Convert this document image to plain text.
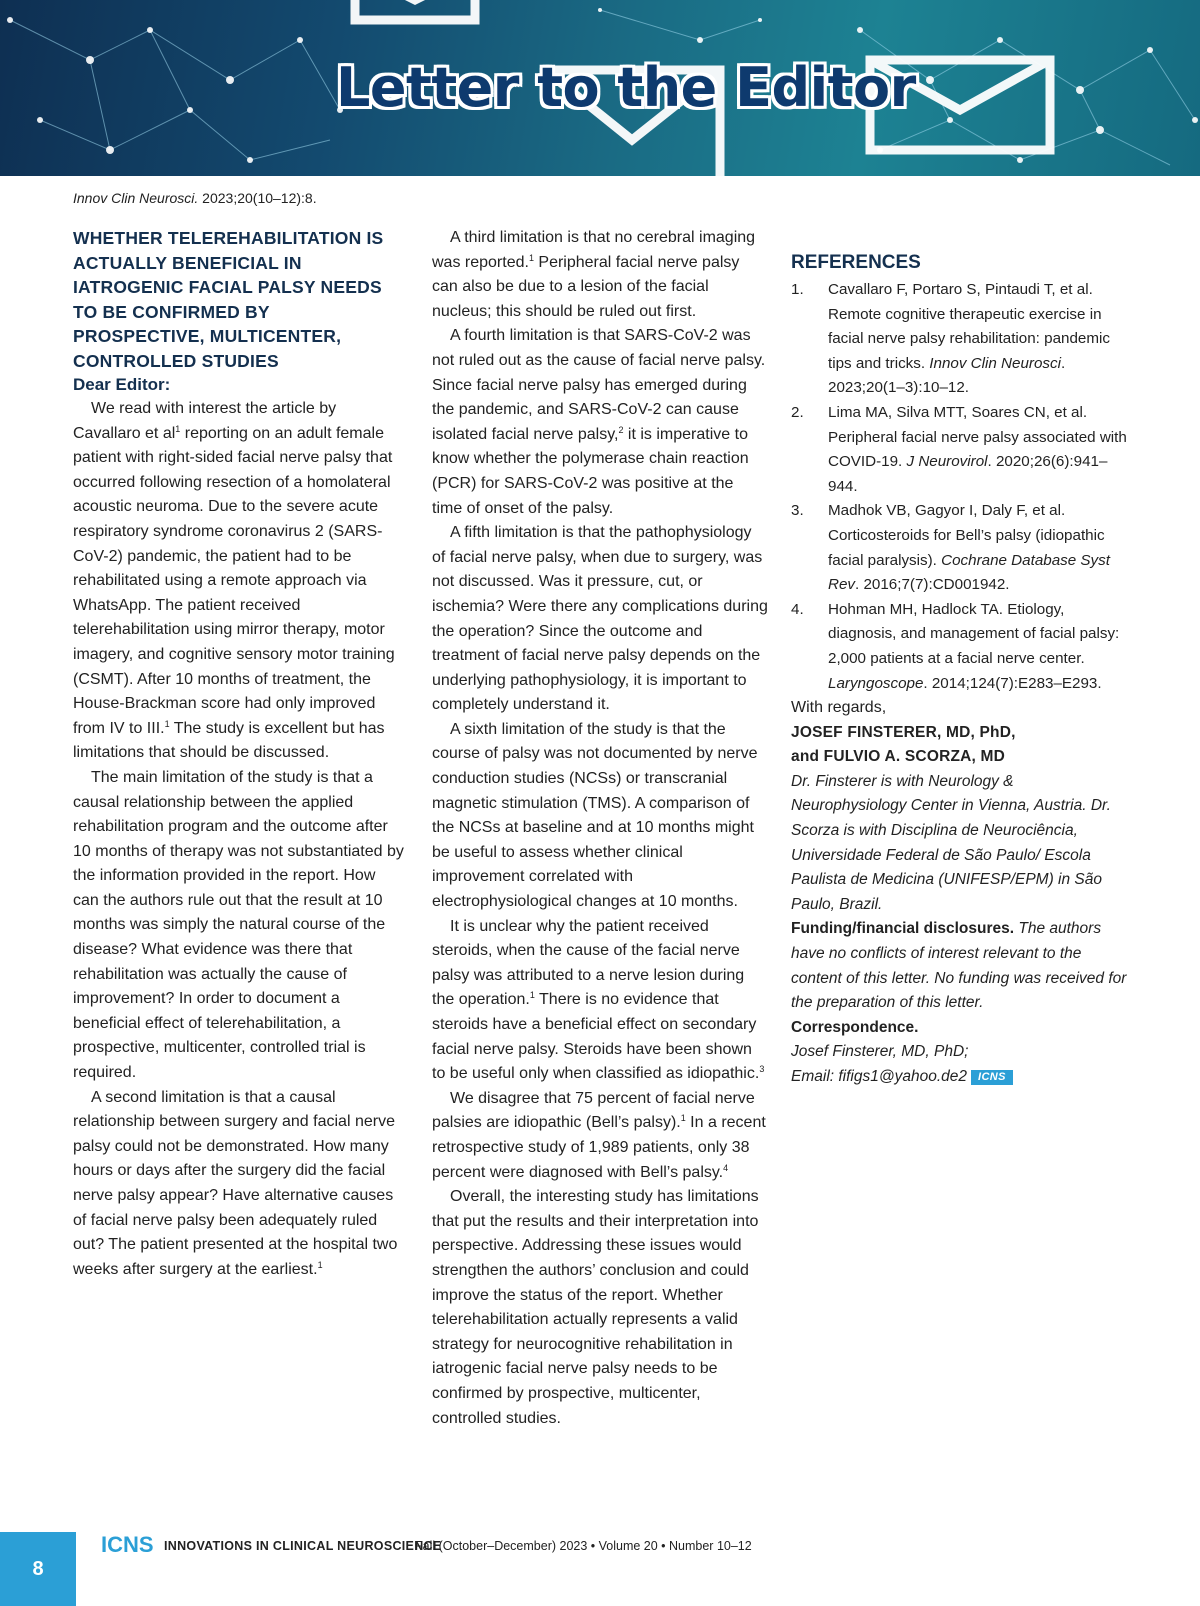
Letter to the Editor
Innov Clin Neurosci. 2023;20(10–12):8.

WHETHER TELEREHABILITATION IS ACTUALLY BENEFICIAL IN IATROGENIC FACIAL PALSY NEEDS TO BE CONFIRMED BY PROSPECTIVE, MULTICENTER, CONTROLLED STUDIES

Dear Editor:

We read with interest the article by Cavallaro et $al^1$ reporting on an adult female patient with right-sided facial nerve palsy that occurred following resection of a homolateral acoustic neuroma. Due to the severe acute respiratory syndrome coronavirus 2 (SARS-CoV-2) pandemic, the patient had to be rehabilitated using a remote approach via WhatsApp. The patient received telerehabilitation using mirror therapy, motor imagery, and cognitive sensory motor training (CSMT). After 10 months of treatment, the House-Brackman score had only improved from IV to III.$^1$ The study is excellent but has limitations that should be discussed.

The main limitation of the study is that a causal relationship between the applied rehabilitation program and the outcome after 10 months of therapy was not substantiated by the information provided in the report. How can the authors rule out that the result at 10 months was simply the natural course of the disease? What evidence was there that rehabilitation was actually the cause of improvement? In order to document a beneficial effect of telerehabilitation, a prospective, multicenter, controlled trial is required.

A second limitation is that a causal relationship between surgery and facial nerve palsy could not be demonstrated. How many hours or days after the surgery did the facial nerve palsy appear? Have alternative causes of facial nerve palsy been adequately ruled out? The patient presented at the hospital two weeks after surgery at the earliest.$^1$

A third limitation is that no cerebral imaging was reported.$^1$ Peripheral facial nerve palsy can also be due to a lesion of the facial nucleus; this should be ruled out first.

A fourth limitation is that SARS-CoV-2 was not ruled out as the cause of facial nerve palsy. Since facial nerve palsy has emerged during the pandemic, and SARS-CoV-2 can cause isolated facial nerve palsy,$^2$ it is imperative to know whether the polymerase chain reaction (PCR) for SARS-CoV-2 was positive at the time of onset of the palsy.

A fifth limitation is that the pathophysiology of facial nerve palsy, when due to surgery, was not discussed. Was it pressure, cut, or ischemia? Were there any complications during the operation? Since the outcome and treatment of facial nerve palsy depends on the underlying pathophysiology, it is important to completely understand it.

A sixth limitation of the study is that the course of palsy was not documented by nerve conduction studies (NCSs) or transcranial magnetic stimulation (TMS). A comparison of the NCSs at baseline and at 10 months might be useful to assess whether clinical improvement correlated with electrophysiological changes at 10 months.

It is unclear why the patient received steroids, when the cause of the facial nerve palsy was attributed to a nerve lesion during the operation.$^1$ There is no evidence that steroids have a beneficial effect on secondary facial nerve palsy. Steroids have been shown to be useful only when classified as idiopathic.$^3$

We disagree that 75 percent of facial nerve palsies are idiopathic (Bell’s palsy).$^1$ In a recent retrospective study of 1,989 patients, only 38 percent were diagnosed with Bell’s palsy.$^4$

Overall, the interesting study has limitations that put the results and their interpretation into perspective. Addressing these issues would strengthen the authors’ conclusion and could improve the status of the report. Whether telerehabilitation actually represents a valid strategy for neurocognitive rehabilitation in iatrogenic facial nerve palsy needs to be confirmed by prospective, multicenter, controlled studies.

REFERENCES

1. Cavallaro F, Portaro S, Pintaudi T, et al. Remote cognitive therapeutic exercise in facial nerve palsy rehabilitation: pandemic tips and tricks. Innov Clin Neurosci. 2023;20(1–3):10–12.

2. Lima MA, Silva MTT, Soares CN, et al. Peripheral facial nerve palsy associated with COVID-19. J Neurovirol. 2020;26(6):941–944.

3. Madhok VB, Gagyor I, Daly F, et al. Corticosteroids for Bell’s palsy (idiopathic facial paralysis). Cochrane Database Syst Rev. 2016;7(7):CD001942.

4. Hohman MH, Hadlock TA. Etiology, diagnosis, and management of facial palsy: 2,000 patients at a facial nerve center. Laryngoscope. 2014;124(7):E283–E293.

With regards,

JOSEF FINSTERER, MD, PhD,

and FULVIO A. SCORZA, MD

Dr. Finsterer is with Neurology & Neurophysiology Center in Vienna, Austria. Dr. Scorza is with Disciplina de Neurociência, Universidade Federal de São Paulo/ Escola Paulista de Medicina (UNIFESP/EPM) in São Paulo, Brazil.

Funding/financial disclosures. The authors have no conflicts of interest relevant to the content of this letter. No funding was received for the preparation of this letter.

Correspondence.

Josef Finsterer, MD, PhD;

Email: fifigs1@yahoo.de2 ICNS

8
ICNS INNOVATIONS IN CLINICAL NEUROSCIENCE
Fall (October–December) 2023 • Volume 20 • Number 10–12
